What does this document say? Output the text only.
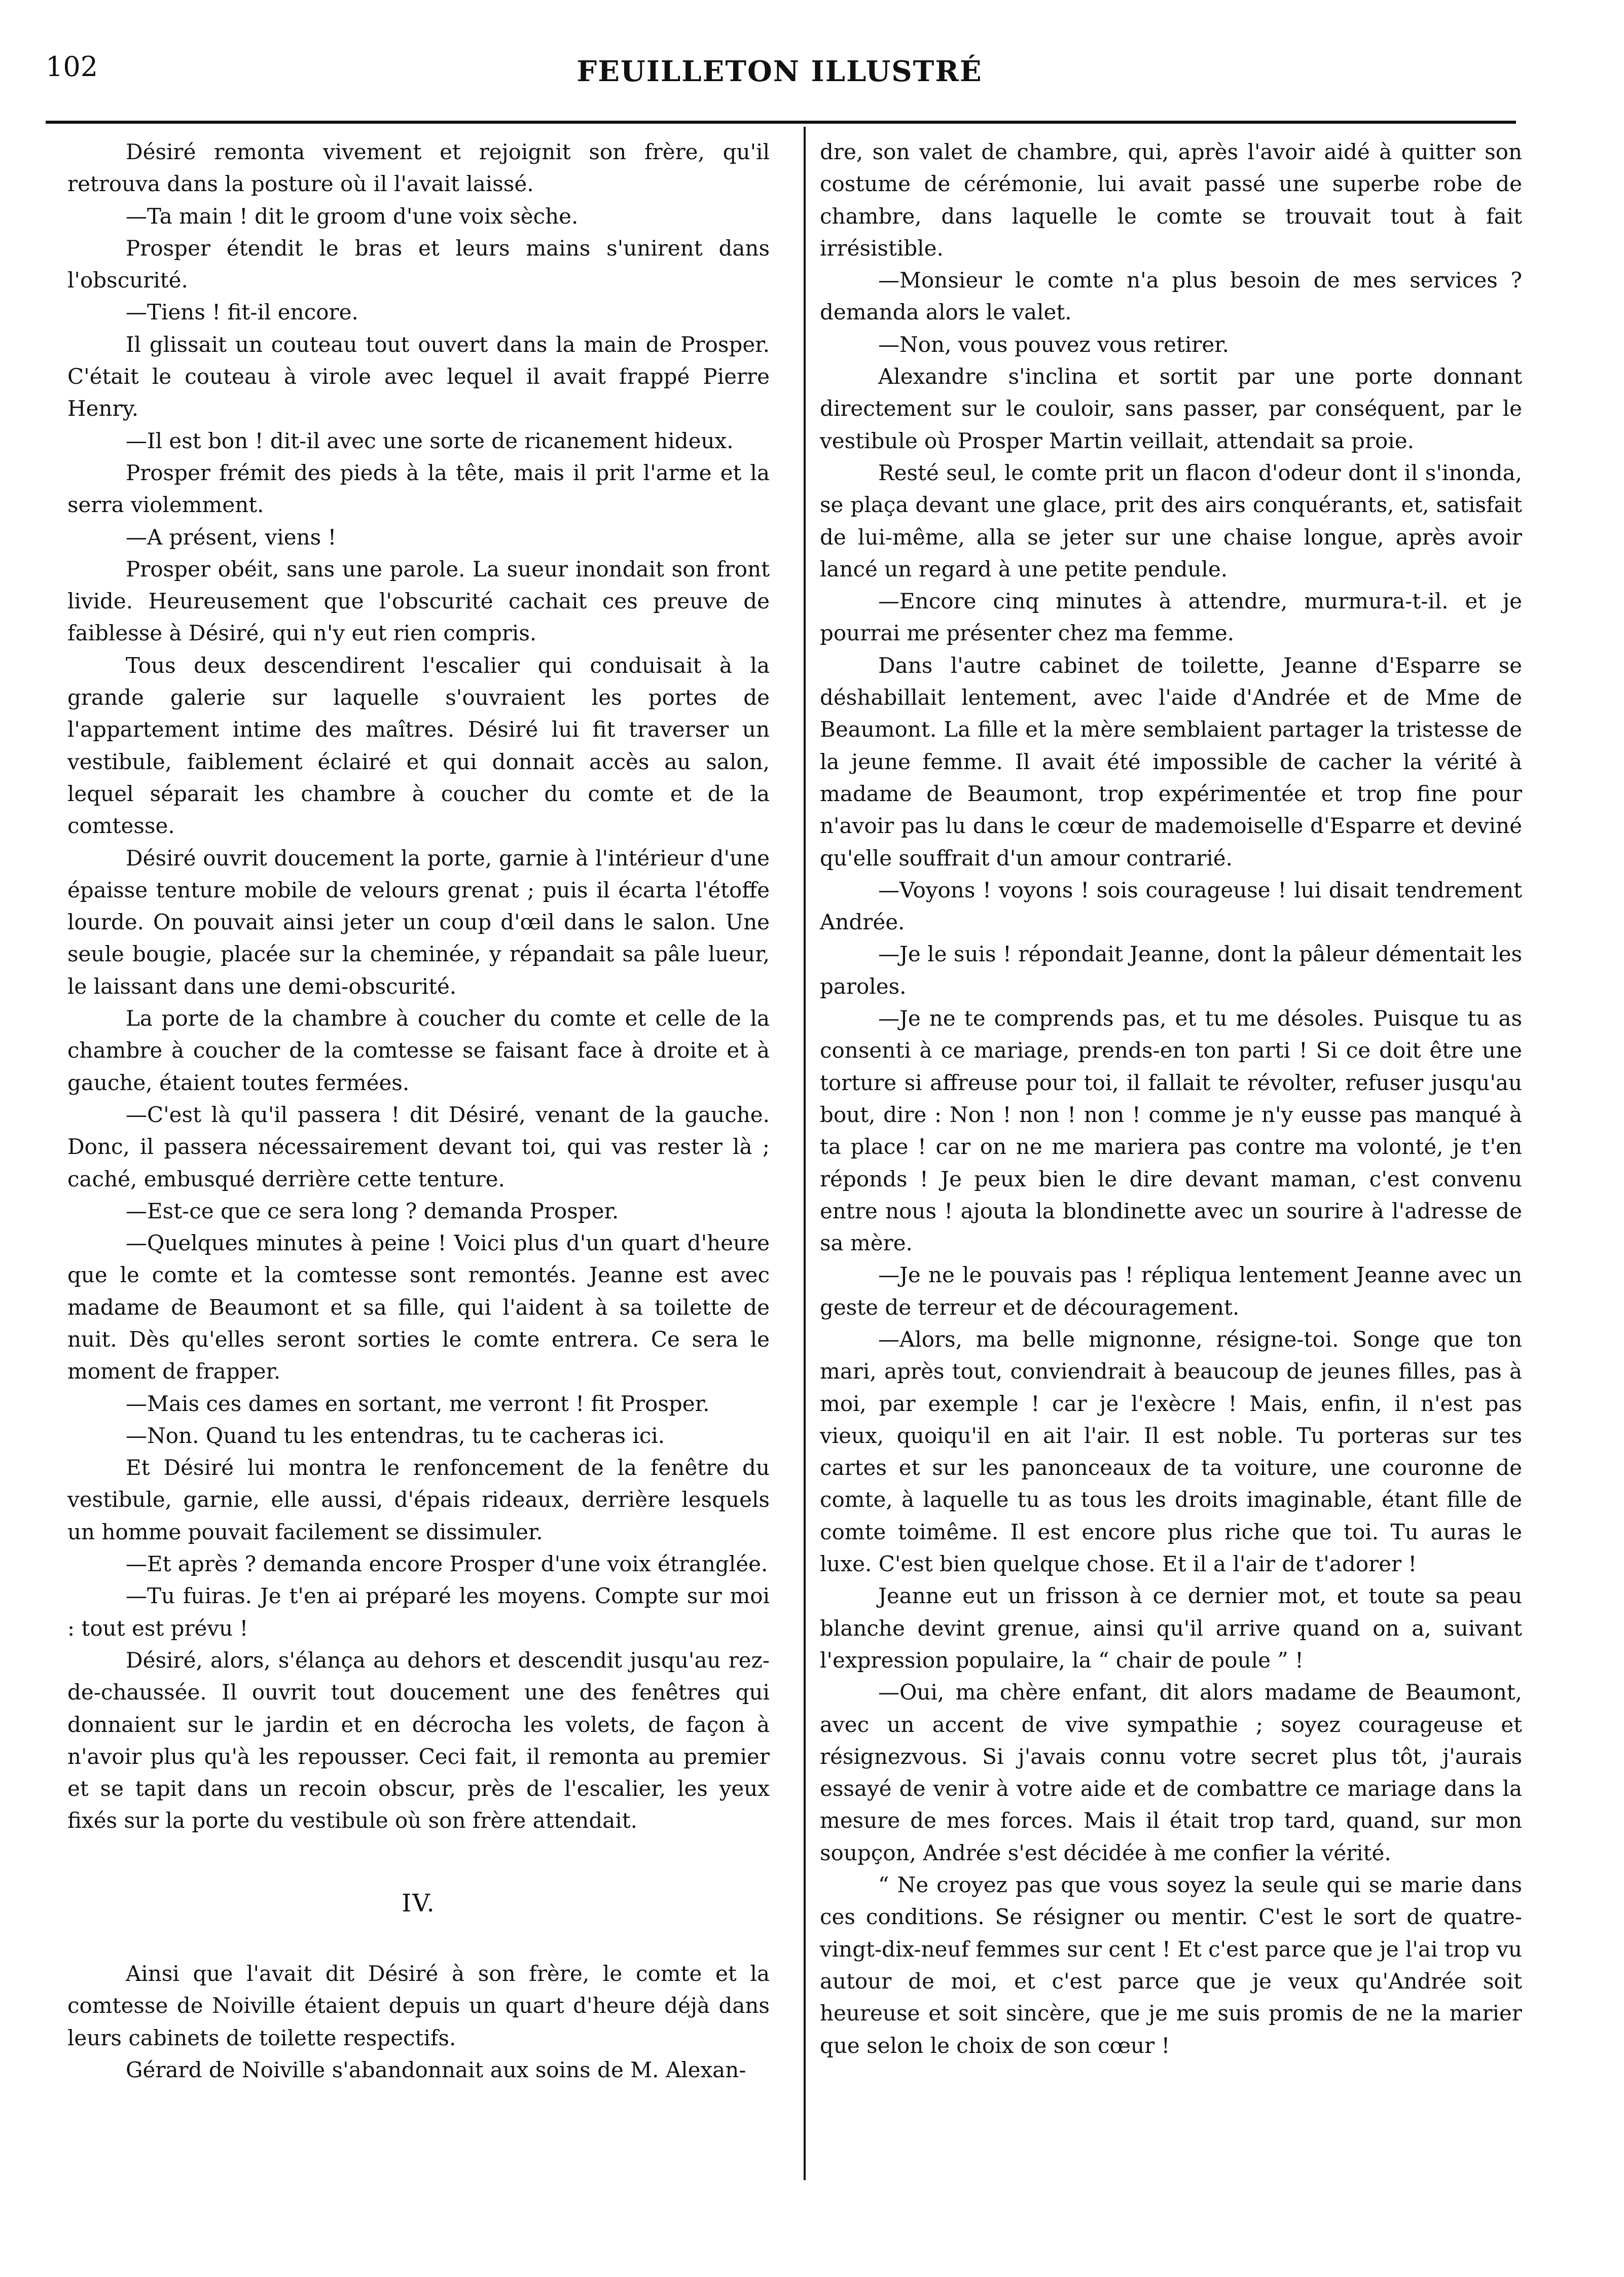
102	FEUILLETON ILLUSTRÉ

Désiré remonta vivement et rejoignit son frère, qu'il retrouva dans la posture où il l'avait laissé.

—Ta main ! dit le groom d'une voix sèche.

Prosper étendit le bras et leurs mains s'unirent dans l'obscurité.

—Tiens ! fit-il encore.

Il glissait un couteau tout ouvert dans la main de Prosper. C'était le couteau à virole avec lequel il avait frappé Pierre Henry.

—Il est bon ! dit-il avec une sorte de ricanement hideux.

Prosper frémit des pieds à la tête, mais il prit l'arme et la serra violemment.

—A présent, viens !

Prosper obéit, sans une parole. La sueur inondait son front livide. Heureusement que l'obscurité cachait ces preuve de faiblesse à Désiré, qui n'y eut rien compris.

Tous deux descendirent l'escalier qui conduisait à la grande galerie sur laquelle s'ouvraient les portes de l'appartement intime des maîtres. Désiré lui fit traverser un vestibule, faiblement éclairé et qui donnait accès au salon, lequel séparait les chambre à coucher du comte et de la comtesse.

Désiré ouvrit doucement la porte, garnie à l'intérieur d'une épaisse tenture mobile de velours grenat ; puis il écarta l'étoffe lourde. On pouvait ainsi jeter un coup d'œil dans le salon. Une seule bougie, placée sur la cheminée, y répandait sa pâle lueur, le laissant dans une demi-obscurité.

La porte de la chambre à coucher du comte et celle de la chambre à coucher de la comtesse se faisant face à droite et à gauche, étaient toutes fermées.

—C'est là qu'il passera ! dit Désiré, venant de la gauche. Donc, il passera nécessairement devant toi, qui vas rester là ; caché, embusqué derrière cette tenture.

—Est-ce que ce sera long ? demanda Prosper.

—Quelques minutes à peine ! Voici plus d'un quart d'heure que le comte et la comtesse sont remontés. Jeanne est avec madame de Beaumont et sa fille, qui l'aident à sa toilette de nuit. Dès qu'elles seront sorties le comte entrera. Ce sera le moment de frapper.

—Mais ces dames en sortant, me verront ! fit Prosper.

—Non. Quand tu les entendras, tu te cacheras ici.

Et Désiré lui montra le renfoncement de la fenêtre du vestibule, garnie, elle aussi, d'épais rideaux, derrière lesquels un homme pouvait facilement se dissimuler.

—Et après ? demanda encore Prosper d'une voix étranglée.

—Tu fuiras. Je t'en ai préparé les moyens. Compte sur moi : tout est prévu !

Désiré, alors, s'élança au dehors et descendit jusqu'au rez-de-chaussée. Il ouvrit tout doucement une des fenêtres qui donnaient sur le jardin et en décrocha les volets, de façon à n'avoir plus qu'à les repousser. Ceci fait, il remonta au premier et se tapit dans un recoin obscur, près de l'escalier, les yeux fixés sur la porte du vestibule où son frère attendait.

IV.

Ainsi que l'avait dit Désiré à son frère, le comte et la comtesse de Noiville étaient depuis un quart d'heure déjà dans leurs cabinets de toilette respectifs.

Gérard de Noiville s'abandonnait aux soins de M. Alexan-

dre, son valet de chambre, qui, après l'avoir aidé à quitter son costume de cérémonie, lui avait passé une superbe robe de chambre, dans laquelle le comte se trouvait tout à fait irrésistible.

—Monsieur le comte n'a plus besoin de mes services ? demanda alors le valet.

—Non, vous pouvez vous retirer.

Alexandre s'inclina et sortit par une porte donnant directement sur le couloir, sans passer, par conséquent, par le vestibule où Prosper Martin veillait, attendait sa proie.

Resté seul, le comte prit un flacon d'odeur dont il s'inonda, se plaça devant une glace, prit des airs conquérants, et, satisfait de lui-même, alla se jeter sur une chaise longue, après avoir lancé un regard à une petite pendule.

—Encore cinq minutes à attendre, murmura-t-il. et je pourrai me présenter chez ma femme.

Dans l'autre cabinet de toilette, Jeanne d'Esparre se déshabillait lentement, avec l'aide d'Andrée et de Mme de Beaumont. La fille et la mère semblaient partager la tristesse de la jeune femme. Il avait été impossible de cacher la vérité à madame de Beaumont, trop expérimentée et trop fine pour n'avoir pas lu dans le cœur de mademoiselle d'Esparre et deviné qu'elle souffrait d'un amour contrarié.

—Voyons ! voyons ! sois courageuse ! lui disait tendrement Andrée.

—Je le suis ! répondait Jeanne, dont la pâleur démentait les paroles.

—Je ne te comprends pas, et tu me désoles. Puisque tu as consenti à ce mariage, prends-en ton parti ! Si ce doit être une torture si affreuse pour toi, il fallait te révolter, refuser jusqu'au bout, dire : Non ! non ! non ! comme je n'y eusse pas manqué à ta place ! car on ne me mariera pas contre ma volonté, je t'en réponds ! Je peux bien le dire devant maman, c'est convenu entre nous ! ajouta la blondinette avec un sourire à l'adresse de sa mère.

—Je ne le pouvais pas ! répliqua lentement Jeanne avec un geste de terreur et de découragement.

—Alors, ma belle mignonne, résigne-toi. Songe que ton mari, après tout, conviendrait à beaucoup de jeunes filles, pas à moi, par exemple ! car je l'exècre ! Mais, enfin, il n'est pas vieux, quoiqu'il en ait l'air. Il est noble. Tu porteras sur tes cartes et sur les panonceaux de ta voiture, une couronne de comte, à laquelle tu as tous les droits imaginable, étant fille de comte toimême. Il est encore plus riche que toi. Tu auras le luxe. C'est bien quelque chose. Et il a l'air de t'adorer !

Jeanne eut un frisson à ce dernier mot, et toute sa peau blanche devint grenue, ainsi qu'il arrive quand on a, suivant l'expression populaire, la “ chair de poule ” !

—Oui, ma chère enfant, dit alors madame de Beaumont, avec un accent de vive sympathie ; soyez courageuse et résignezvous. Si j'avais connu votre secret plus tôt, j'aurais essayé de venir à votre aide et de combattre ce mariage dans la mesure de mes forces. Mais il était trop tard, quand, sur mon soupçon, Andrée s'est décidée à me confier la vérité.

“ Ne croyez pas que vous soyez la seule qui se marie dans ces conditions. Se résigner ou mentir. C'est le sort de quatre-vingt-dix-neuf femmes sur cent ! Et c'est parce que je l'ai trop vu autour de moi, et c'est parce que je veux qu'Andrée soit heureuse et soit sincère, que je me suis promis de ne la marier que selon le choix de son cœur !
